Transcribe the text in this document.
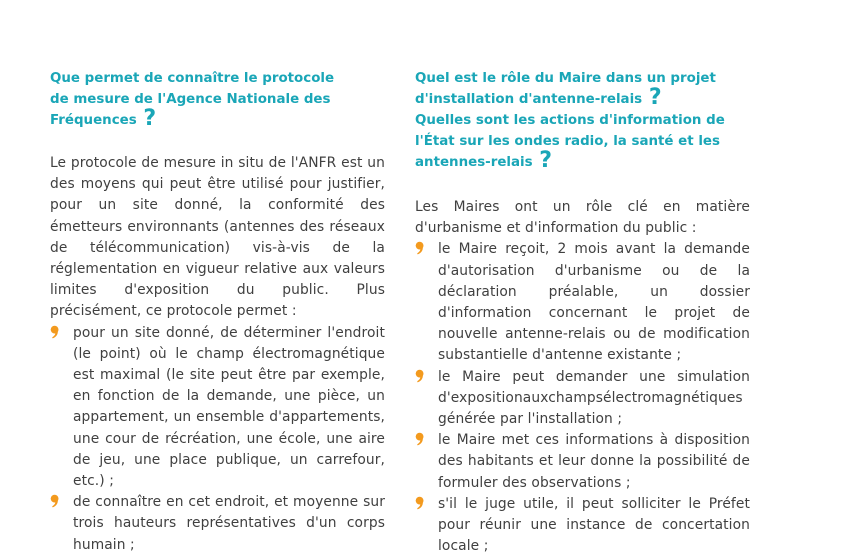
Que permet de connaître le protocole
de mesure de l'Agence Nationale des
Fréquences ?

Le protocole de mesure in situ de l'ANFR est un des moyens qui peut être utilisé pour justifier, pour un site donné, la conformité des émetteurs environnants (antennes des réseaux de télécommunication) vis-à-vis de la réglementation en vigueur relative aux valeurs limites d'exposition du public. Plus précisément, ce protocole permet :

pour un site donné, de déterminer l'endroit (le point) où le champ électromagnétique est maximal (le site peut être par exemple, en fonction de la demande, une pièce, un appartement, un ensemble d'appartements, une cour de récréation, une école, une aire de jeu, une place publique, un carrefour, etc.) ;
de connaître en cet endroit, et moyenne sur trois hauteurs représentatives d'un corps humain ;
Quel est le rôle du Maire dans un projet
d'installation d'antenne-relais ?
Quelles sont les actions d'information de
l'État sur les ondes radio, la santé et les
antennes-relais ?

Les Maires ont un rôle clé en matière d'urbanisme et d'information du public :

le Maire reçoit, 2 mois avant la demande d'autorisation d'urbanisme ou de la déclaration préalable, un dossier d'information concernant le projet de nouvelle antenne-relais ou de modification substantielle d'antenne existante ;
le Maire peut demander une simulation d'expositionauxchampsélectromagnétiques générée par l'installation ;
le Maire met ces informations à disposition des habitants et leur donne la possibilité de formuler des observations ;
s'il le juge utile, il peut solliciter le Préfet pour réunir une instance de concertation locale ;
